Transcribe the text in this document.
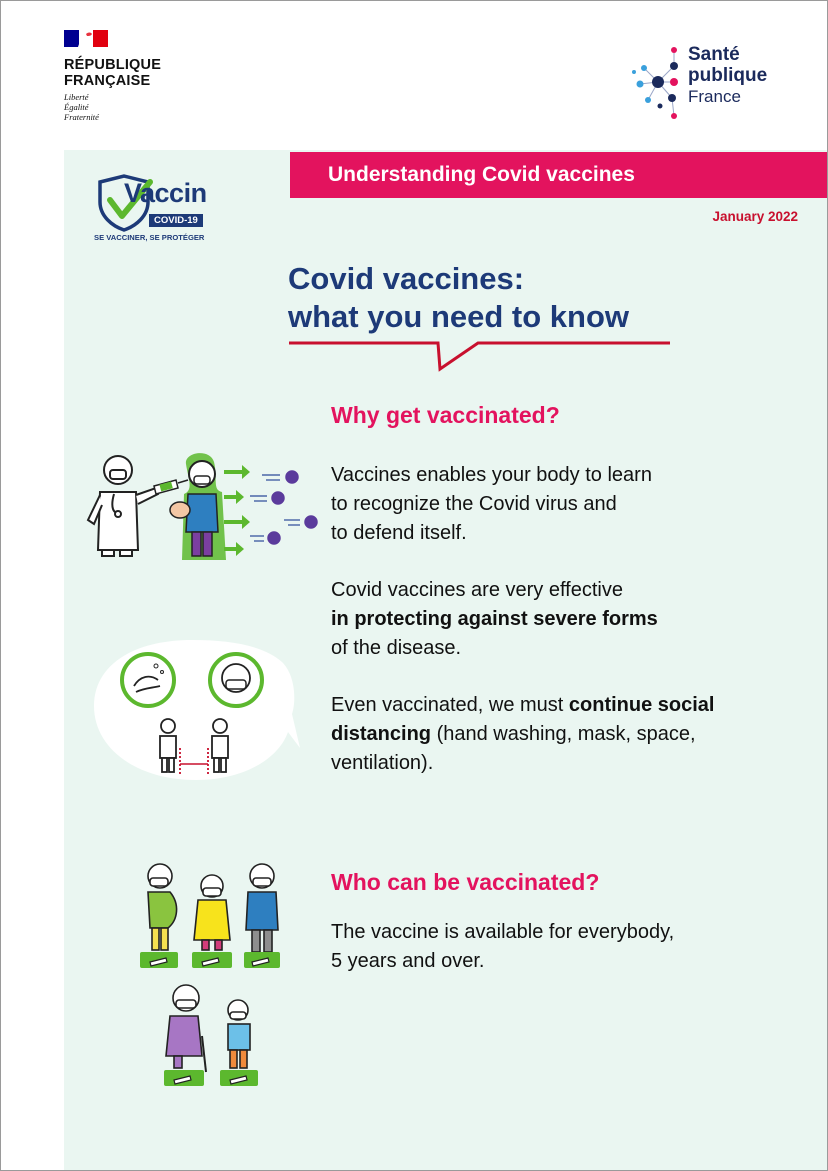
RÉPUBLIQUE
FRANÇAISE
Liberté
Égalité
Fraternité
Santé
publique
France
Understanding Covid vaccines
January 2022
Vaccin
COVID-19
SE VACCINER, SE PROTÉGER
Covid vaccines:
what you need to know
Why get vaccinated?
Vaccines enables your body to learn
to recognize the Covid virus and
to defend itself.
Covid vaccines are very effective
in protecting against severe forms
of the disease.
Even vaccinated, we must continue social
distancing (hand washing, mask, space,
ventilation).
Who can be vaccinated?
The vaccine is available for everybody,
5 years and over.
